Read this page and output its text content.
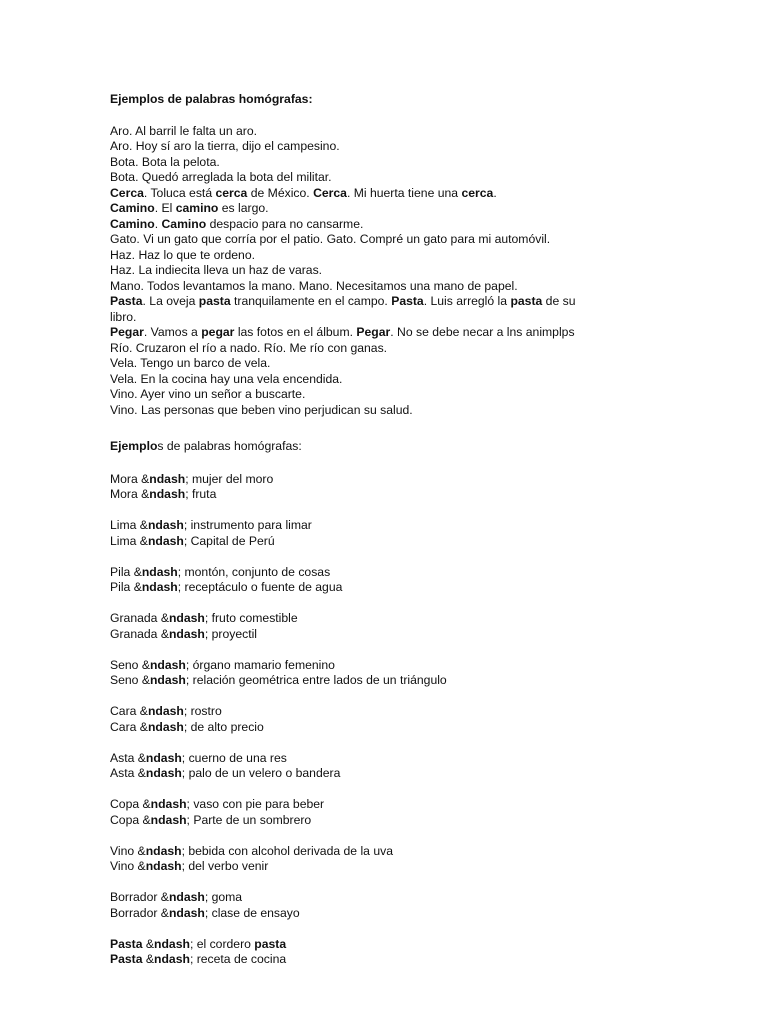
Ejemplos de palabras homógrafas:
Aro. Al barril le falta un aro.
Aro. Hoy sí aro la tierra, dijo el campesino.
Bota. Bota la pelota.
Bota. Quedó arreglada la bota del militar.
Cerca. Toluca está cerca de México. Cerca. Mi huerta tiene una cerca.
Camino. El camino es largo.
Camino. Camino despacio para no cansarme.
Gato. Vi un gato que corría por el patio. Gato. Compré un gato para mi automóvil.
Haz. Haz lo que te ordeno.
Haz. La indiecita lleva un haz de varas.
Mano. Todos levantamos la mano. Mano. Necesitamos una mano de papel.
Pasta. La oveja pasta tranquilamente en el campo. Pasta. Luis arregló la pasta de su
libro.
Pegar. Vamos a pegar las fotos en el álbum. Pegar. No se debe necar a lns animplps
Río. Cruzaron el río a nado. Río. Me río con ganas.
Vela. Tengo un barco de vela.
Vela. En la cocina hay una vela encendida.
Vino. Ayer vino un señor a buscarte.
Vino. Las personas que beben vino perjudican su salud.
Ejemplos de palabras homógrafas:
Mora &ndash; mujer del moro
Mora &ndash; fruta
Lima &ndash; instrumento para limar
Lima &ndash; Capital de Perú
Pila &ndash; montón, conjunto de cosas
Pila &ndash; receptáculo o fuente de agua
Granada &ndash; fruto comestible
Granada &ndash; proyectil
Seno &ndash; órgano mamario femenino
Seno &ndash; relación geométrica entre lados de un triángulo
Cara &ndash; rostro
Cara &ndash; de alto precio
Asta &ndash; cuerno de una res
Asta &ndash; palo de un velero o bandera
Copa &ndash; vaso con pie para beber
Copa &ndash; Parte de un sombrero
Vino &ndash; bebida con alcohol derivada de la uva
Vino &ndash; del verbo venir
Borrador &ndash; goma
Borrador &ndash; clase de ensayo
Pasta &ndash; el cordero pasta
Pasta &ndash; receta de cocina
